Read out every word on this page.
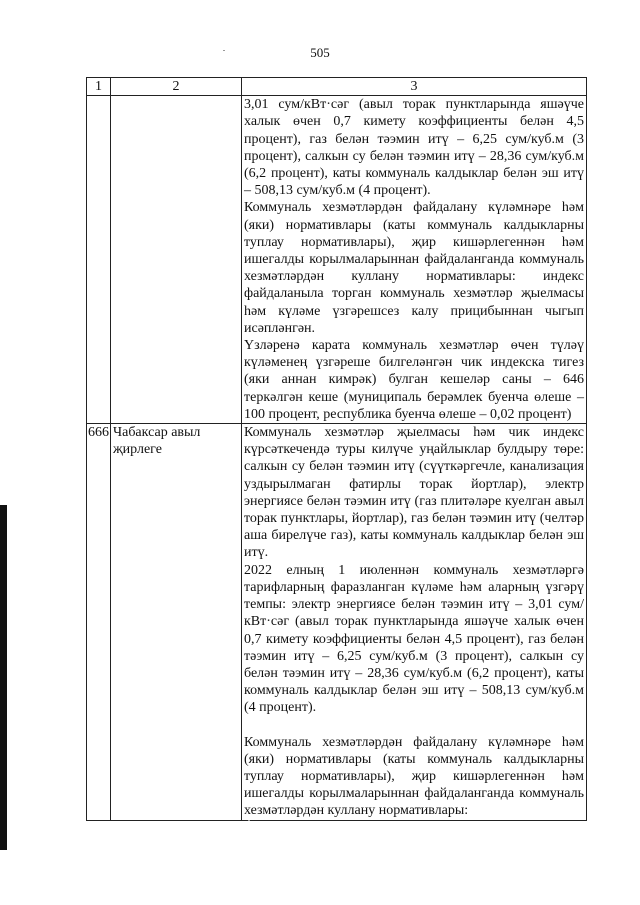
505
1	2	3

		3,01 сум/кВт·сәг (авыл торак пунктларында яшәүче халык өчен 0,7 кимету коэффициенты белән 4,5 процент), газ белән тәэмин итү – 6,25 сум/куб.м (3 процент), салкын су белән тәэмин итү – 28,36 сум/куб.м (6,2 процент), каты коммуналь калдыклар белән эш итү – 508,13 сум/куб.м (4 процент).

Коммуналь хезмәтләрдән файдалану күләмнәре һәм (яки) нормативлары (каты коммуналь калдыкларны туплау нормативлары), җир кишәрлегеннән һәм ишегалды корылмаларыннан файдаланганда коммуналь хезмәтләрдән куллану нормативлары: индекс файдаланыла торган коммуналь хезмәтләр җыелмасы һәм күләме үзгәрешсез калу прицибыннан чыгып исәпләнгән.

Үзләренә карата коммуналь хезмәтләр өчен түләү күләменең үзгәреше билгеләнгән чик индекска тигез (яки аннан кимрәк) булган кешеләр саны – 646 теркәлгән кеше (муниципаль берәмлек буенча өлеше – 100 процент, республика буенча өлеше – 0,02 процент)

666	Чабаксар авыл җирлеге	Коммуналь хезмәтләр җыелмасы һәм чик индекс күрсәткечендә туры килүче уңайлыклар булдыру төре: салкын су белән тәэмин итү (сүүткәргечле, канализация уздырылмаган фатирлы торак йортлар), электр энергиясе белән тәэмин итү (газ плитәләре куелган авыл торак пунктлары, йортлар), газ белән тәэмин итү (челтәр аша бирелүче газ), каты коммуналь калдыклар белән эш итү.

2022 елның 1 июленнән коммуналь хезмәтләргә тарифларның фаразланган күләме һәм аларның үзгәрү темпы: электр энергиясе белән тәэмин итү – 3,01 сум/кВт·сәг (авыл торак пунктларында яшәүче халык өчен 0,7 кимету коэффициенты белән 4,5 процент), газ белән тәэмин итү – 6,25 сум/куб.м (3 процент), салкын су белән тәэмин итү – 28,36 сум/куб.м (6,2 процент), каты коммуналь калдыклар белән эш итү – 508,13 сум/куб.м (4 процент).

Коммуналь хезмәтләрдән файдалану күләмнәре һәм (яки) нормативлары (каты коммуналь калдыкларны туплау нормативлары), җир кишәрлегеннән һәм ишегалды корылмаларыннан файдаланганда коммуналь хезмәтләрдән куллану нормативлары:
